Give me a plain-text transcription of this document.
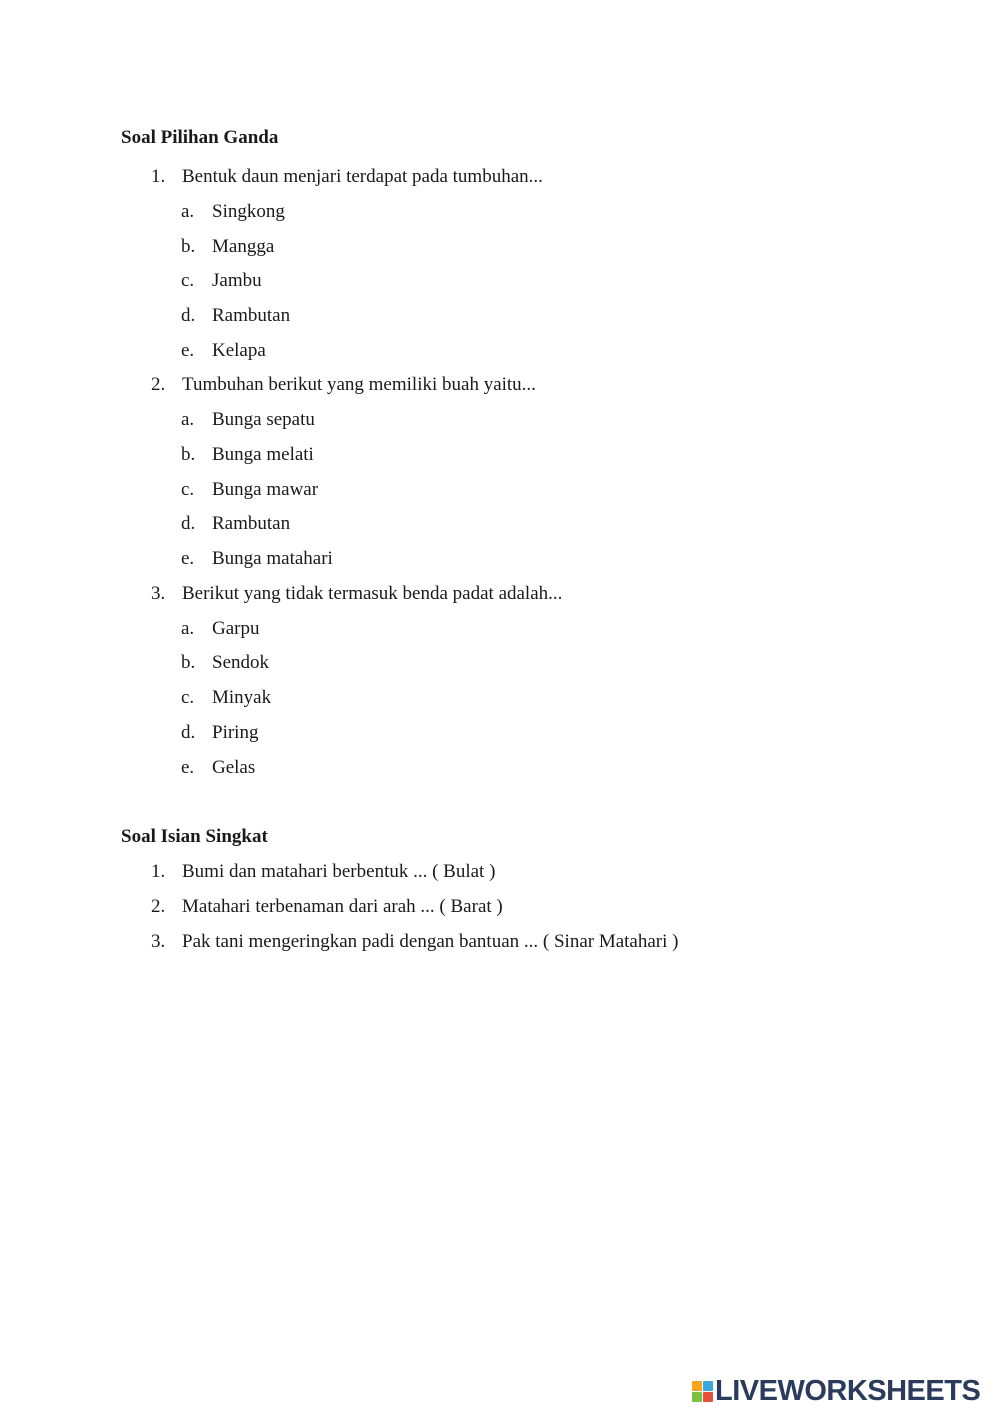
Soal Pilihan Ganda
1. Bentuk daun menjari terdapat pada tumbuhan...
a. Singkong
b. Mangga
c. Jambu
d. Rambutan
e. Kelapa
2. Tumbuhan berikut yang memiliki buah yaitu...
a. Bunga sepatu
b. Bunga melati
c. Bunga mawar
d. Rambutan
e. Bunga matahari
3. Berikut yang tidak termasuk benda padat adalah...
a. Garpu
b. Sendok
c. Minyak
d. Piring
e. Gelas
Soal Isian Singkat
1. Bumi dan matahari berbentuk ... ( Bulat )
2. Matahari terbenaman dari arah ... ( Barat )
3. Pak tani mengeringkan padi dengan bantuan ... ( Sinar Matahari )
LIVEWORKSHEETS
